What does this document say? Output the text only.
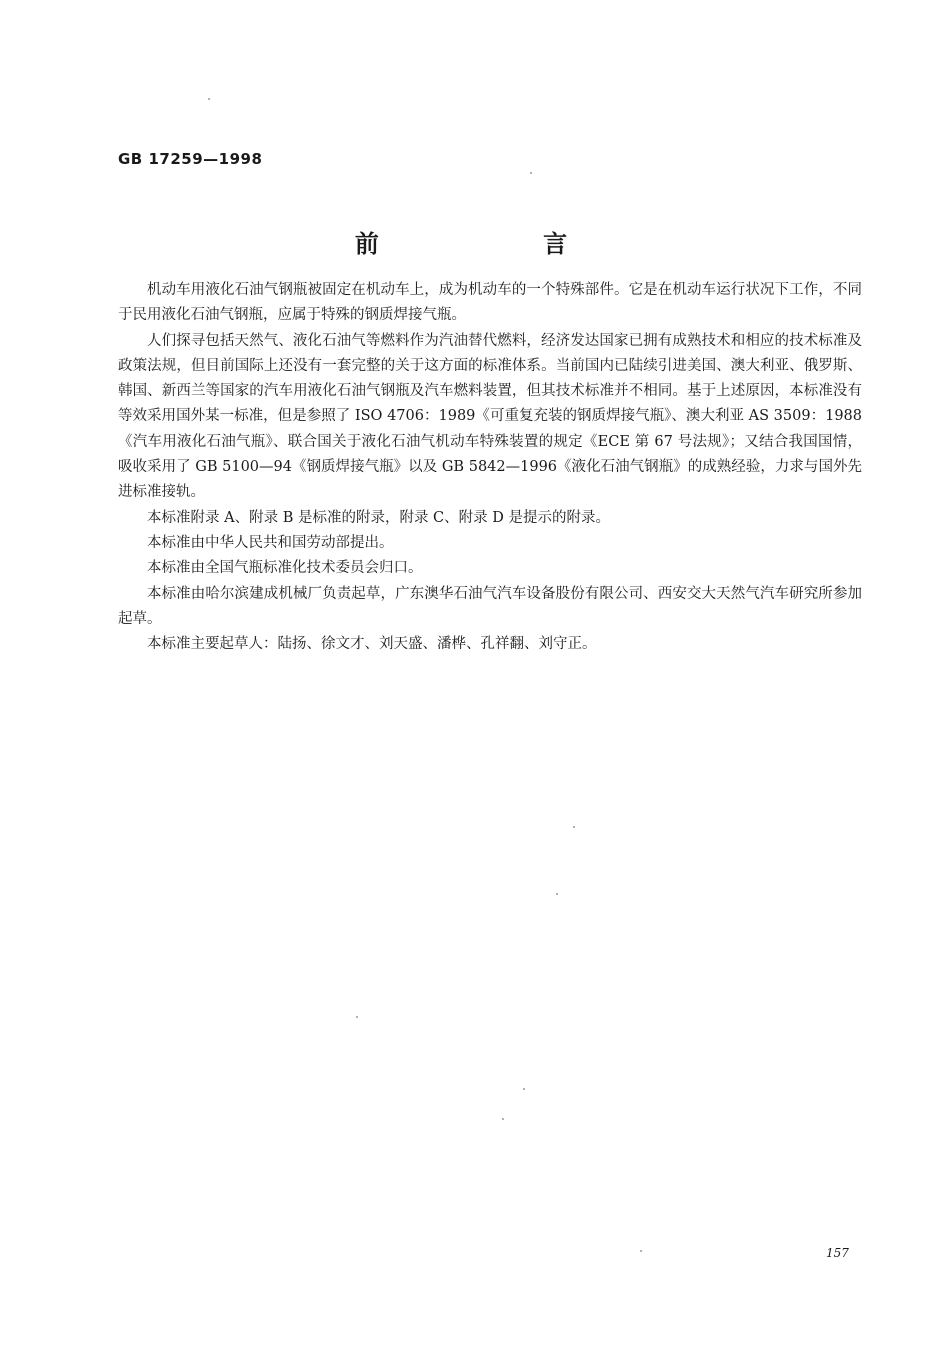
GB 17259—1998
前 言

机动车用液化石油气钢瓶被固定在机动车上，成为机动车的一个特殊部件。它是在机动车运行状况下工作，不同于民用液化石油气钢瓶，应属于特殊的钢质焊接气瓶。

人们探寻包括天然气、液化石油气等燃料作为汽油替代燃料，经济发达国家已拥有成熟技术和相应的技术标准及政策法规，但目前国际上还没有一套完整的关于这方面的标准体系。当前国内已陆续引进美国、澳大利亚、俄罗斯、韩国、新西兰等国家的汽车用液化石油气钢瓶及汽车燃料装置，但其技术标准并不相同。基于上述原因，本标准没有等效采用国外某一标准，但是参照了 ISO 4706：1989《可重复充装的钢质焊接气瓶》、澳大利亚 AS 3509：1988《汽车用液化石油气瓶》、联合国关于液化石油气机动车特殊装置的规定《ECE 第 67 号法规》；又结合我国国情，吸收采用了 GB 5100—94《钢质焊接气瓶》以及 GB 5842—1996《液化石油气钢瓶》的成熟经验，力求与国外先进标准接轨。

本标准附录 A、附录 B 是标准的附录，附录 C、附录 D 是提示的附录。

本标准由中华人民共和国劳动部提出。

本标准由全国气瓶标准化技术委员会归口。

本标准由哈尔滨建成机械厂负责起草，广东澳华石油气汽车设备股份有限公司、西安交大天然气汽车研究所参加起草。

本标准主要起草人：陆扬、徐文才、刘天盛、潘桦、孔祥翻、刘守正。

157
